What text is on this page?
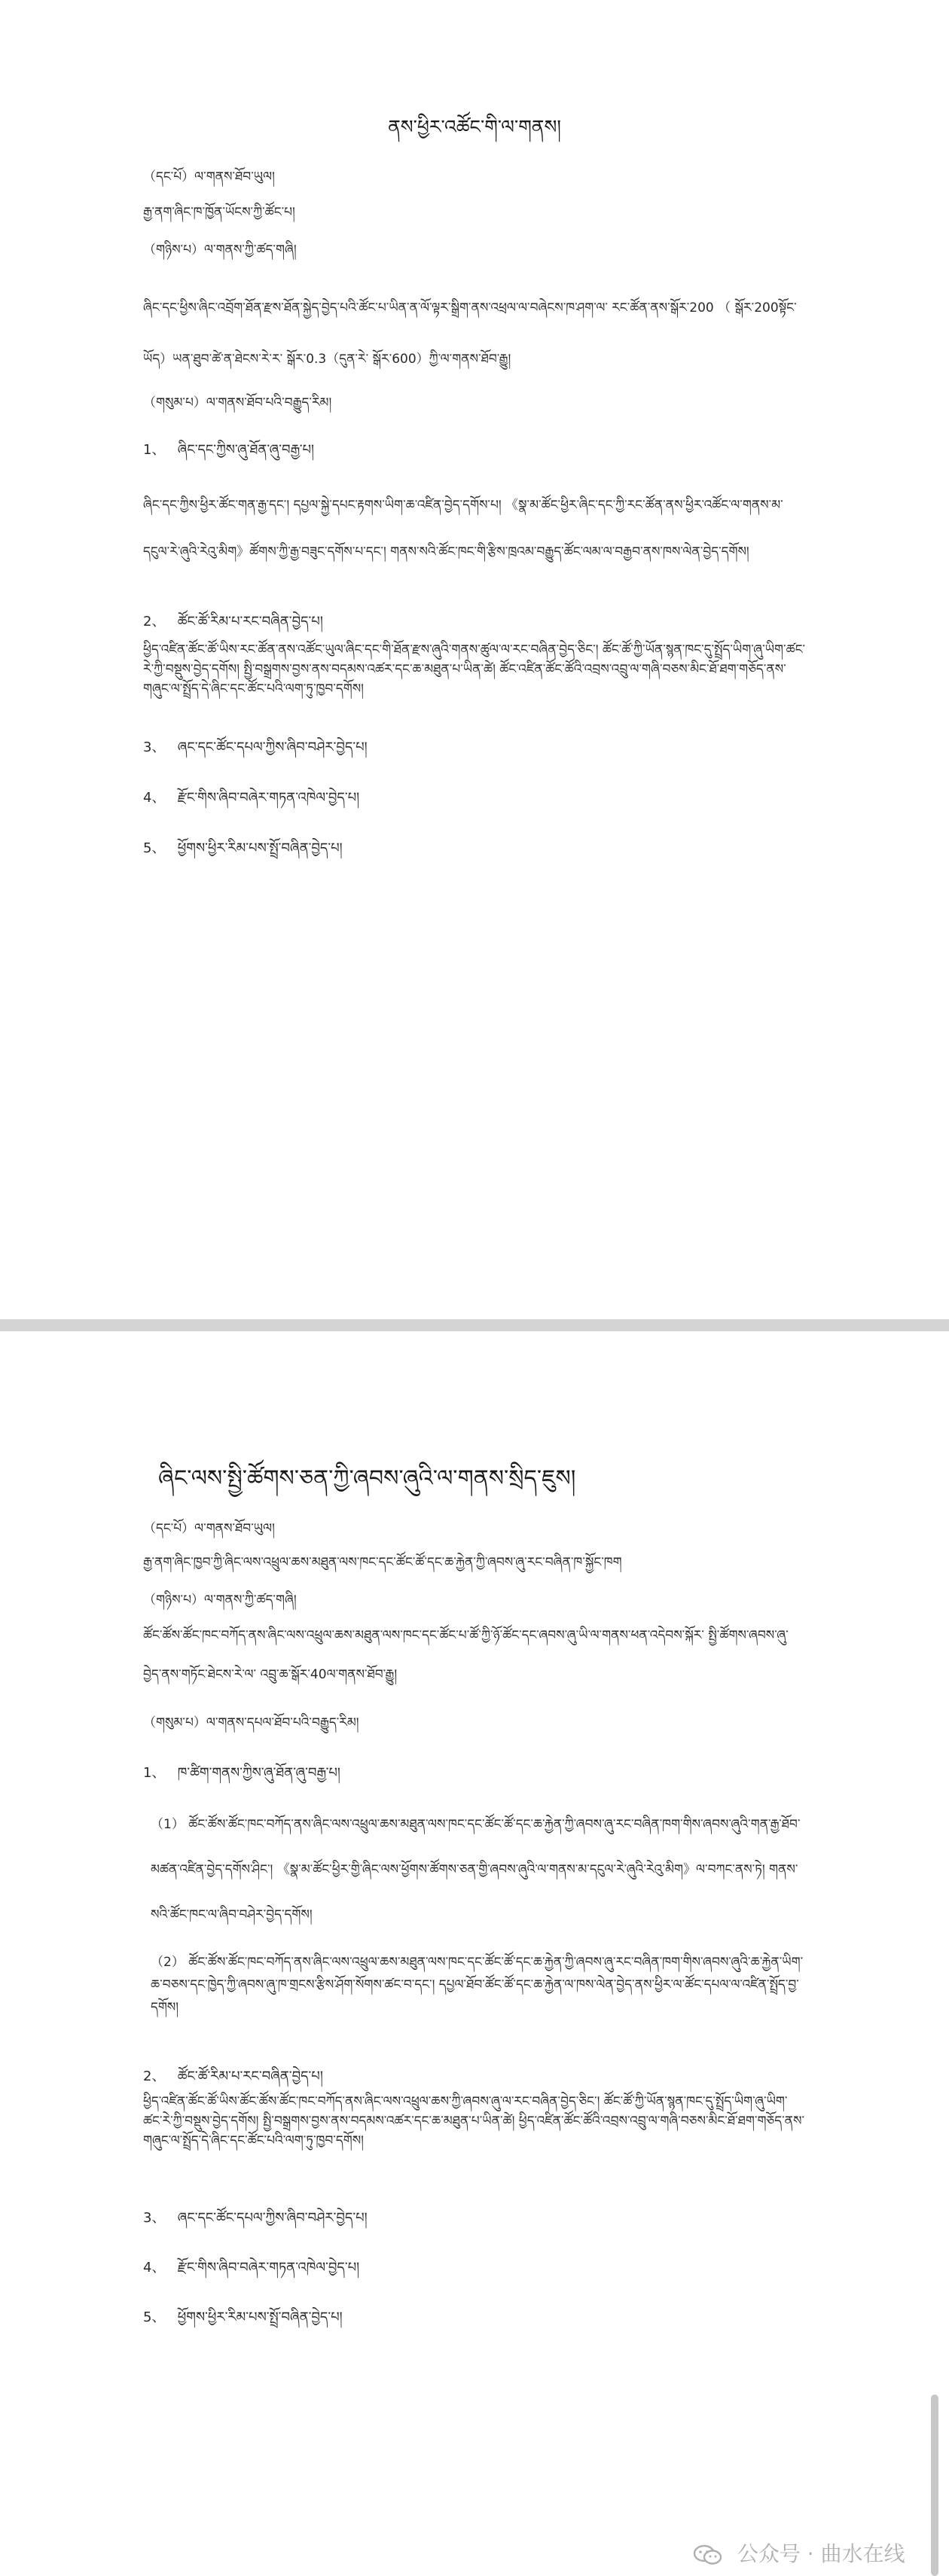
ནས་ཕྱིར་འཚོང་གི་ལ་གནས།
（དང་པོ）ལ་གནས་ཐོབ་ཡུལ།
རྒྱ་ནག་ཞིང་ཁ་ཁྱོན་ཡོངས་ཀྱི་ཚོང་པ།
（གཉིས་པ）ལ་གནས་ཀྱི་ཚད་གཞི།
ཞིང་དང་ཕྱིས་ཞིང་འབྲོག་ཐོན་རྫས་ཐོན་སྐྱེད་བྱེད་པའི་ཚོང་པ་ཡིན་ན་ལོ་ལྟར་སྒྲིག་ནས་འཕྲལ་ལ་བཞེངས་ཁ་ཤག་ལ་ རང་ཚོན་ནས་སྒོར་200 （ སྒོར་200སྟོང་ཡོད）ཡན་ཐུབ་ཚེ་ན་ཐེངས་རེ་ར་ སྒོར་0.3（དུན་རེ་ སྒོར་600）ཀྱི་ལ་གནས་ཐོབ་རྒྱུ།
（གསུམ་པ）ལ་གནས་ཐོབ་པའི་བརྒྱུད་རིམ།
1、 ཞིང་དང་ཀྱིས་ཞུ་ཐོན་ཞུ་བརྒྱ་པ།
ཞིང་དང་ཀྱིས་ཕྱིར་ཚོང་གན་རྒྱ་དང་། དཔྱལ་སྐྱེ་དཔང་རྟགས་ཡིག་ཆ་འཛིན་བྱེད་དགོས་པ། 《སྣ་མ་ཚོང་ཕྱིར་ཞིང་དང་ཀྱི་རང་ཚོན་ནས་ཕྱིར་འཚོང་ལ་གནས་མ་དངུལ་རེ་ཞུའི་རེའུ་མིག》ཚོགས་ཀྱི་རྒྱ་བཟུང་དགོས་པ་དང་། གནས་སའི་ཚོང་ཁང་གི་རྩིས་ཁྲའམ་བརྒྱུད་ཚོང་ལམ་ལ་བརྒྱབ་ནས་ཁས་ལེན་བྱེད་དགོས།
2、 ཚོང་ཚོ་རིམ་པ་རང་བཞིན་བྱེད་པ།
ཕྱིད་འཛིན་ཚོང་ཚོ་ཡིས་རང་ཚོན་ནས་འཚོང་ཡུལ་ཞིང་དང་གི་ཐོན་རྫས་ཞུའི་གནས་ཚུལ་ལ་རང་བཞིན་བྱེད་ཅིང་། ཚོང་ཚོ་ཀྱི་ཡོན་སྙན་ཁང་དུ་སྤྲོད་ཡིག་ཞུ་ཡིག་ཚང་རེ་ཀྱི་བསྡུས་བྱེད་དགོས། སྤྱི་བསྒྲགས་བྱས་ནས་བདམས་འཚར་དང་ཆ་མཐུན་པ་ཡིན་ཚེ། ཚོང་འཛིན་ཚོང་ཚོའི་འབྲས་འབྲུ་ལ་གཞི་བཅས་མིང་ཐོ་ཐག་གཅོད་ནས་གཞུང་ལ་སྤྲོད་དེ་ཞིང་དང་ཚོང་པའི་ལག་ཏུ་ཁྱབ་དགོས།
3、 ཞང་དང་ཚོང་དཔལ་ཀྱིས་ཞིབ་བཤེར་བྱེད་པ།
4、 རྫོང་གིས་ཞིབ་བཞེར་གཏན་འཁེལ་བྱེད་པ།
5、 ཕྱོགས་ཕྱིར་རིམ་པས་སྤྲོ་བཞིན་བྱེད་པ།
ཞིང་ལས་སྤྱི་ཚོགས་ཅན་ཀྱི་ཞབས་ཞུའི་ལ་གནས་སྲིད་ཇུས།
（དང་པོ）ལ་གནས་ཐོབ་ཡུལ།
རྒྱ་ནག་ཞིང་ཁྱབ་ཀྱི་ཞིང་ལས་འཕྲུལ་ཆས་མཐུན་ལས་ཁང་དང་ཚོང་ཚོ་དང་ཆ་རྐྱེན་ཀྱི་ཞབས་ཞུ་རང་བཞིན་ཁ་སྐྱོང་ཁག
（གཉིས་པ）ལ་གནས་ཀྱི་ཚད་གཞི།
ཚོང་ཚོས་ཚོང་ཁང་བཀོད་ནས་ཞིང་ལས་འཕྲུལ་ཆས་མཐུན་ལས་ཁང་དང་ཚོང་པ་ཚོ་ཀྱི་ཉོ་ཚོང་དང་ཞབས་ཞུ་ཡི་ལ་གནས་ཕན་འདེབས་སྐོར་ སྤྱི་ཚོགས་ཞབས་ཞུ་བྱེད་ནས་གཏོང་ཐེངས་རེ་ལ་ འབྲུ་ཆ་སྒོར་40ལ་གནས་ཐོབ་རྒྱུ།
（གསུམ་པ）ལ་གནས་དཔལ་ཐོབ་པའི་བརྒྱུད་རིམ།
1、 ཁ་ཚིག་གནས་ཀྱིས་ཞུ་ཐོན་ཞུ་བརྒྱ་པ།
（1） ཚོང་ཚོས་ཚོང་ཁང་བཀོད་ནས་ཞིང་ལས་འཕྲུལ་ཆས་མཐུན་ལས་ཁང་དང་ཚོང་ཚོ་དང་ཆ་རྐྱེན་ཀྱི་ཞབས་ཞུ་རང་བཞིན་ཁག་གིས་ཞབས་ཞུའི་གན་རྒྱ་ཐོབ་མཚན་འཛིན་བྱེད་དགོས་ཤིང་། 《སྣ་མ་ཚོང་ཕྱིར་གྱི་ཞིང་ལས་ཕྱོགས་ཚོགས་ཅན་གྱི་ཞབས་ཞུའི་ལ་གནས་མ་དངུལ་རེ་ཞུའི་རེའུ་མིག》ལ་བཀང་ནས་ཏེ། གནས་སའི་ཚོང་ཁང་ལ་ཞིབ་བཤེར་བྱེད་དགོས།
（2） ཚོང་ཚོས་ཚོང་ཁང་བཀོད་ནས་ཞིང་ལས་འཕྲུལ་ཆས་མཐུན་ལས་ཁང་དང་ཚོང་ཚོ་དང་ཆ་རྐྱེན་ཀྱི་ཞབས་ཞུ་རང་བཞིན་ཁག་གིས་ཞབས་ཞུའི་ཆ་རྐྱེན་ཡིག་ཆ་བཅས་དང་ཁྱེད་ཀྱི་ཞབས་ཞུ་ཁ་གྲངས་རྩིས་ཤོག་སོགས་ཚང་བ་དང་། དཔྱལ་ཐོབ་ཚོང་ཚོ་དང་ཆ་རྐྱེན་ལ་ཁས་ལེན་བྱེད་ནས་ཕྱིར་ལ་ཚོང་དཔལ་ལ་འཛིན་སྤྲོད་བྱ་དགོས།
2、 ཚོང་ཚོ་རིམ་པ་རང་བཞིན་བྱེད་པ།
ཕྱིད་འཛིན་ཚོང་ཚོ་ཡིས་ཚོང་ཚོས་ཚོང་ཁང་བཀོད་ནས་ཞིང་ལས་འཕྲུལ་ཆས་ཀྱི་ཞབས་ཞུ་ལ་རང་བཞིན་བྱེད་ཅིང་། ཚོང་ཚོ་ཀྱི་ཡོན་སྙན་ཁང་དུ་སྤྲོད་ཡིག་ཞུ་ཡིག་ཚང་རེ་ཀྱི་བསྡུས་བྱེད་དགོས། སྤྱི་བསྒྲགས་བྱས་ནས་བདམས་འཚར་དང་ཆ་མཐུན་པ་ཡིན་ཚེ། ཕྱིད་འཛིན་ཚོང་ཚོའི་འབྲས་འབྲུ་ལ་གཞི་བཅས་མིང་ཐོ་ཐག་གཅོད་ནས་གཞུང་ལ་སྤྲོད་དེ་ཞིང་དང་ཚོང་པའི་ལག་ཏུ་ཁྱབ་དགོས།
3、 ཞང་དང་ཚོང་དཔལ་ཀྱིས་ཞིབ་བཤེར་བྱེད་པ།
4、 རྫོང་གིས་ཞིབ་བཞེར་གཏན་འཁེལ་བྱེད་པ།
5、 ཕྱོགས་ཕྱིར་རིམ་པས་སྤྲོ་བཞིན་བྱེད་པ།
公众号 · 曲水在线
